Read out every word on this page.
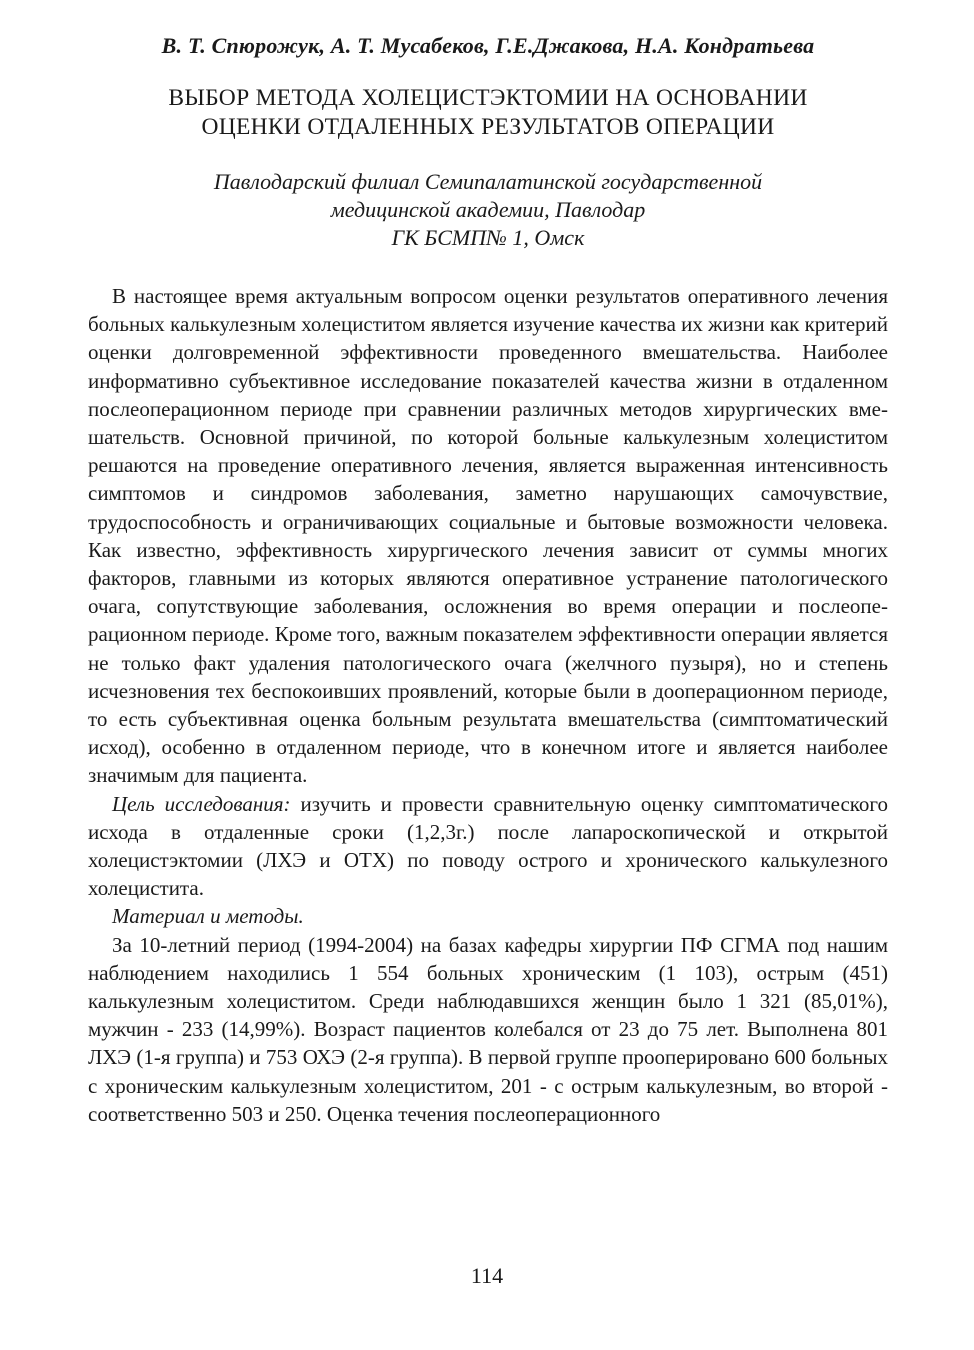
В. Т. Спюрожук, А. Т. Мусабеков, Г.Е.Джакова, Н.А. Кондратьева
ВЫБОР МЕТОДА ХОЛЕЦИСТЭКТОМИИ НА ОСНОВАНИИ
ОЦЕНКИ ОТДАЛЕННЫХ РЕЗУЛЬТАТОВ ОПЕРАЦИИ
Павлодарский филиал Семипалатинской государственной
медицинской академии, Павлодар
ГК БСМП№ 1, Омск

В настоящее время актуальным вопросом оценки результатов оперативного лечения больных калькулезным холециститом является изучение качества их жизни как критерий оценки долговременной эффективности проведенного вмешательства. Наиболее информативно субъективное исследование показателей качества жизни в отдаленном послеоперационном периоде при сравнении различных методов хирургических вмешательств. Основной причиной, по которой больные калькулезным холециститом решаются на проведение оперативного лечения, является выраженная интенсивность симптомов и синдромов заболевания, заметно нарушающих самочувствие, трудоспособность и ограничивающих социальные и бытовые возможности человека. Как известно, эффективность хирургического лечения зависит от суммы многих факторов, главными из которых являются оперативное устранение патологического очага, сопутствующие заболевания, осложнения во время операции и послеоперационном периоде. Кроме того, важным показателем эффективности операции является не только факт удаления патологического очага (желчного пузыря), но и степень исчезновения тех беспокоивших проявлений, которые были в дооперационном периоде, то есть субъективная оценка больным результата вмешательства (симптоматический исход), особенно в отдаленном периоде, что в конечном итоге и является наиболее значимым для пациента.

Цель исследования: изучить и провести сравнительную оценку симптоматического исхода в отдаленные сроки (1,2,3г.) после лапароскопической и открытой холецистэктомии (ЛХЭ и ОТХ) по поводу острого и хронического калькулезного холецистита.

Материал и методы.

За 10-летний период (1994-2004) на базах кафедры хирургии ПФ СГМА под нашим наблюдением находились 1 554 больных хроническим (1 103), острым (451) калькулезным холециститом. Среди наблюдавшихся женщин было 1 321 (85,01%), мужчин - 233 (14,99%). Возраст пациентов колебался от 23 до 75 лет. Выполнена 801 ЛХЭ (1-я группа) и 753 ОХЭ (2-я группа). В первой группе прооперировано 600 больных с хроническим калькулезным холециститом, 201 - с острым калькулезным, во второй - соответственно 503 и 250. Оценка течения послеоперационного

114
